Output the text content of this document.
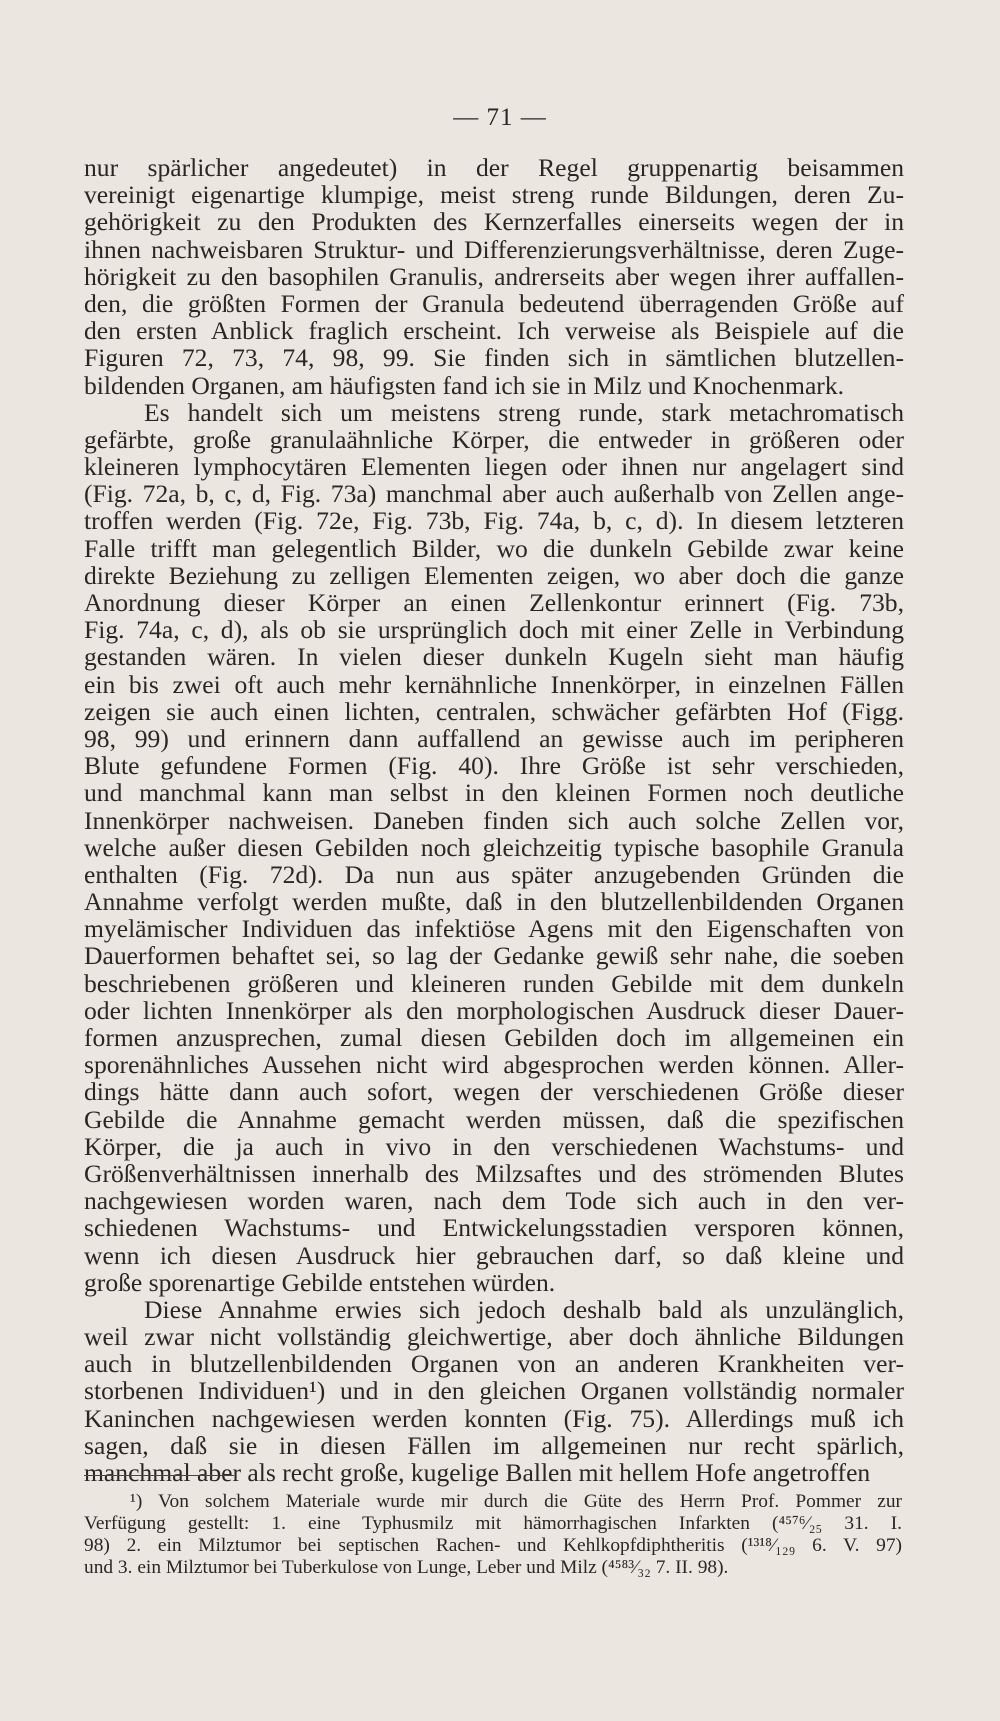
— 71 —
nur spärlicher angedeutet) in der Regel gruppenartig beisammen
vereinigt eigenartige klumpige, meist streng runde Bildungen, deren Zu-
gehörigkeit zu den Produkten des Kernzerfalles einerseits wegen der in
ihnen nachweisbaren Struktur- und Differenzierungsverhältnisse, deren Zuge-
hörigkeit zu den basophilen Granulis, andrerseits aber wegen ihrer auffallen-
den, die größten Formen der Granula bedeutend überragenden Größe auf
den ersten Anblick fraglich erscheint. Ich verweise als Beispiele auf die
Figuren 72, 73, 74, 98, 99. Sie finden sich in sämtlichen blutzellen-
bildenden Organen, am häufigsten fand ich sie in Milz und Knochenmark.
Es handelt sich um meistens streng runde, stark metachromatisch
gefärbte, große granulaähnliche Körper, die entweder in größeren oder
kleineren lymphocytären Elementen liegen oder ihnen nur angelagert sind
(Fig. 72a, b, c, d, Fig. 73a) manchmal aber auch außerhalb von Zellen ange-
troffen werden (Fig. 72e, Fig. 73b, Fig. 74a, b, c, d). In diesem letzteren
Falle trifft man gelegentlich Bilder, wo die dunkeln Gebilde zwar keine
direkte Beziehung zu zelligen Elementen zeigen, wo aber doch die ganze
Anordnung dieser Körper an einen Zellenkontur erinnert (Fig. 73b,
Fig. 74a, c, d), als ob sie ursprünglich doch mit einer Zelle in Verbindung
gestanden wären. In vielen dieser dunkeln Kugeln sieht man häufig
ein bis zwei oft auch mehr kernähnliche Innenkörper, in einzelnen Fällen
zeigen sie auch einen lichten, centralen, schwächer gefärbten Hof (Figg.
98, 99) und erinnern dann auffallend an gewisse auch im peripheren
Blute gefundene Formen (Fig. 40). Ihre Größe ist sehr verschieden,
und manchmal kann man selbst in den kleinen Formen noch deutliche
Innenkörper nachweisen. Daneben finden sich auch solche Zellen vor,
welche außer diesen Gebilden noch gleichzeitig typische basophile Granula
enthalten (Fig. 72d). Da nun aus später anzugebenden Gründen die
Annahme verfolgt werden mußte, daß in den blutzellenbildenden Organen
myelämischer Individuen das infektiöse Agens mit den Eigenschaften von
Dauerformen behaftet sei, so lag der Gedanke gewiß sehr nahe, die soeben
beschriebenen größeren und kleineren runden Gebilde mit dem dunkeln
oder lichten Innenkörper als den morphologischen Ausdruck dieser Dauer-
formen anzusprechen, zumal diesen Gebilden doch im allgemeinen ein
sporenähnliches Aussehen nicht wird abgesprochen werden können. Aller-
dings hätte dann auch sofort, wegen der verschiedenen Größe dieser
Gebilde die Annahme gemacht werden müssen, daß die spezifischen
Körper, die ja auch in vivo in den verschiedenen Wachstums- und
Größenverhältnissen innerhalb des Milzsaftes und des strömenden Blutes
nachgewiesen worden waren, nach dem Tode sich auch in den ver-
schiedenen Wachstums- und Entwickelungsstadien versporen können,
wenn ich diesen Ausdruck hier gebrauchen darf, so daß kleine und
große sporenartige Gebilde entstehen würden.
Diese Annahme erwies sich jedoch deshalb bald als unzulänglich,
weil zwar nicht vollständig gleichwertige, aber doch ähnliche Bildungen
auch in blutzellenbildenden Organen von an anderen Krankheiten ver-
storbenen Individuen¹) und in den gleichen Organen vollständig normaler
Kaninchen nachgewiesen werden konnten (Fig. 75). Allerdings muß ich
sagen, daß sie in diesen Fällen im allgemeinen nur recht spärlich,
manchmal aber als recht große, kugelige Ballen mit hellem Hofe angetroffen
¹) Von solchem Materiale wurde mir durch die Güte des Herrn Prof. Pommer zur
Verfügung gestellt: 1. eine Typhusmilz mit hämorrhagischen Infarkten (⁴⁵⁷⁶⁄₂₅ 31. I.
98) 2. ein Milztumor bei septischen Rachen- und Kehlkopfdiphtheritis (¹³¹⁸⁄₁₂₉ 6. V. 97)
und 3. ein Milztumor bei Tuberkulose von Lunge, Leber und Milz (⁴⁵⁸³⁄₃₂ 7. II. 98).
